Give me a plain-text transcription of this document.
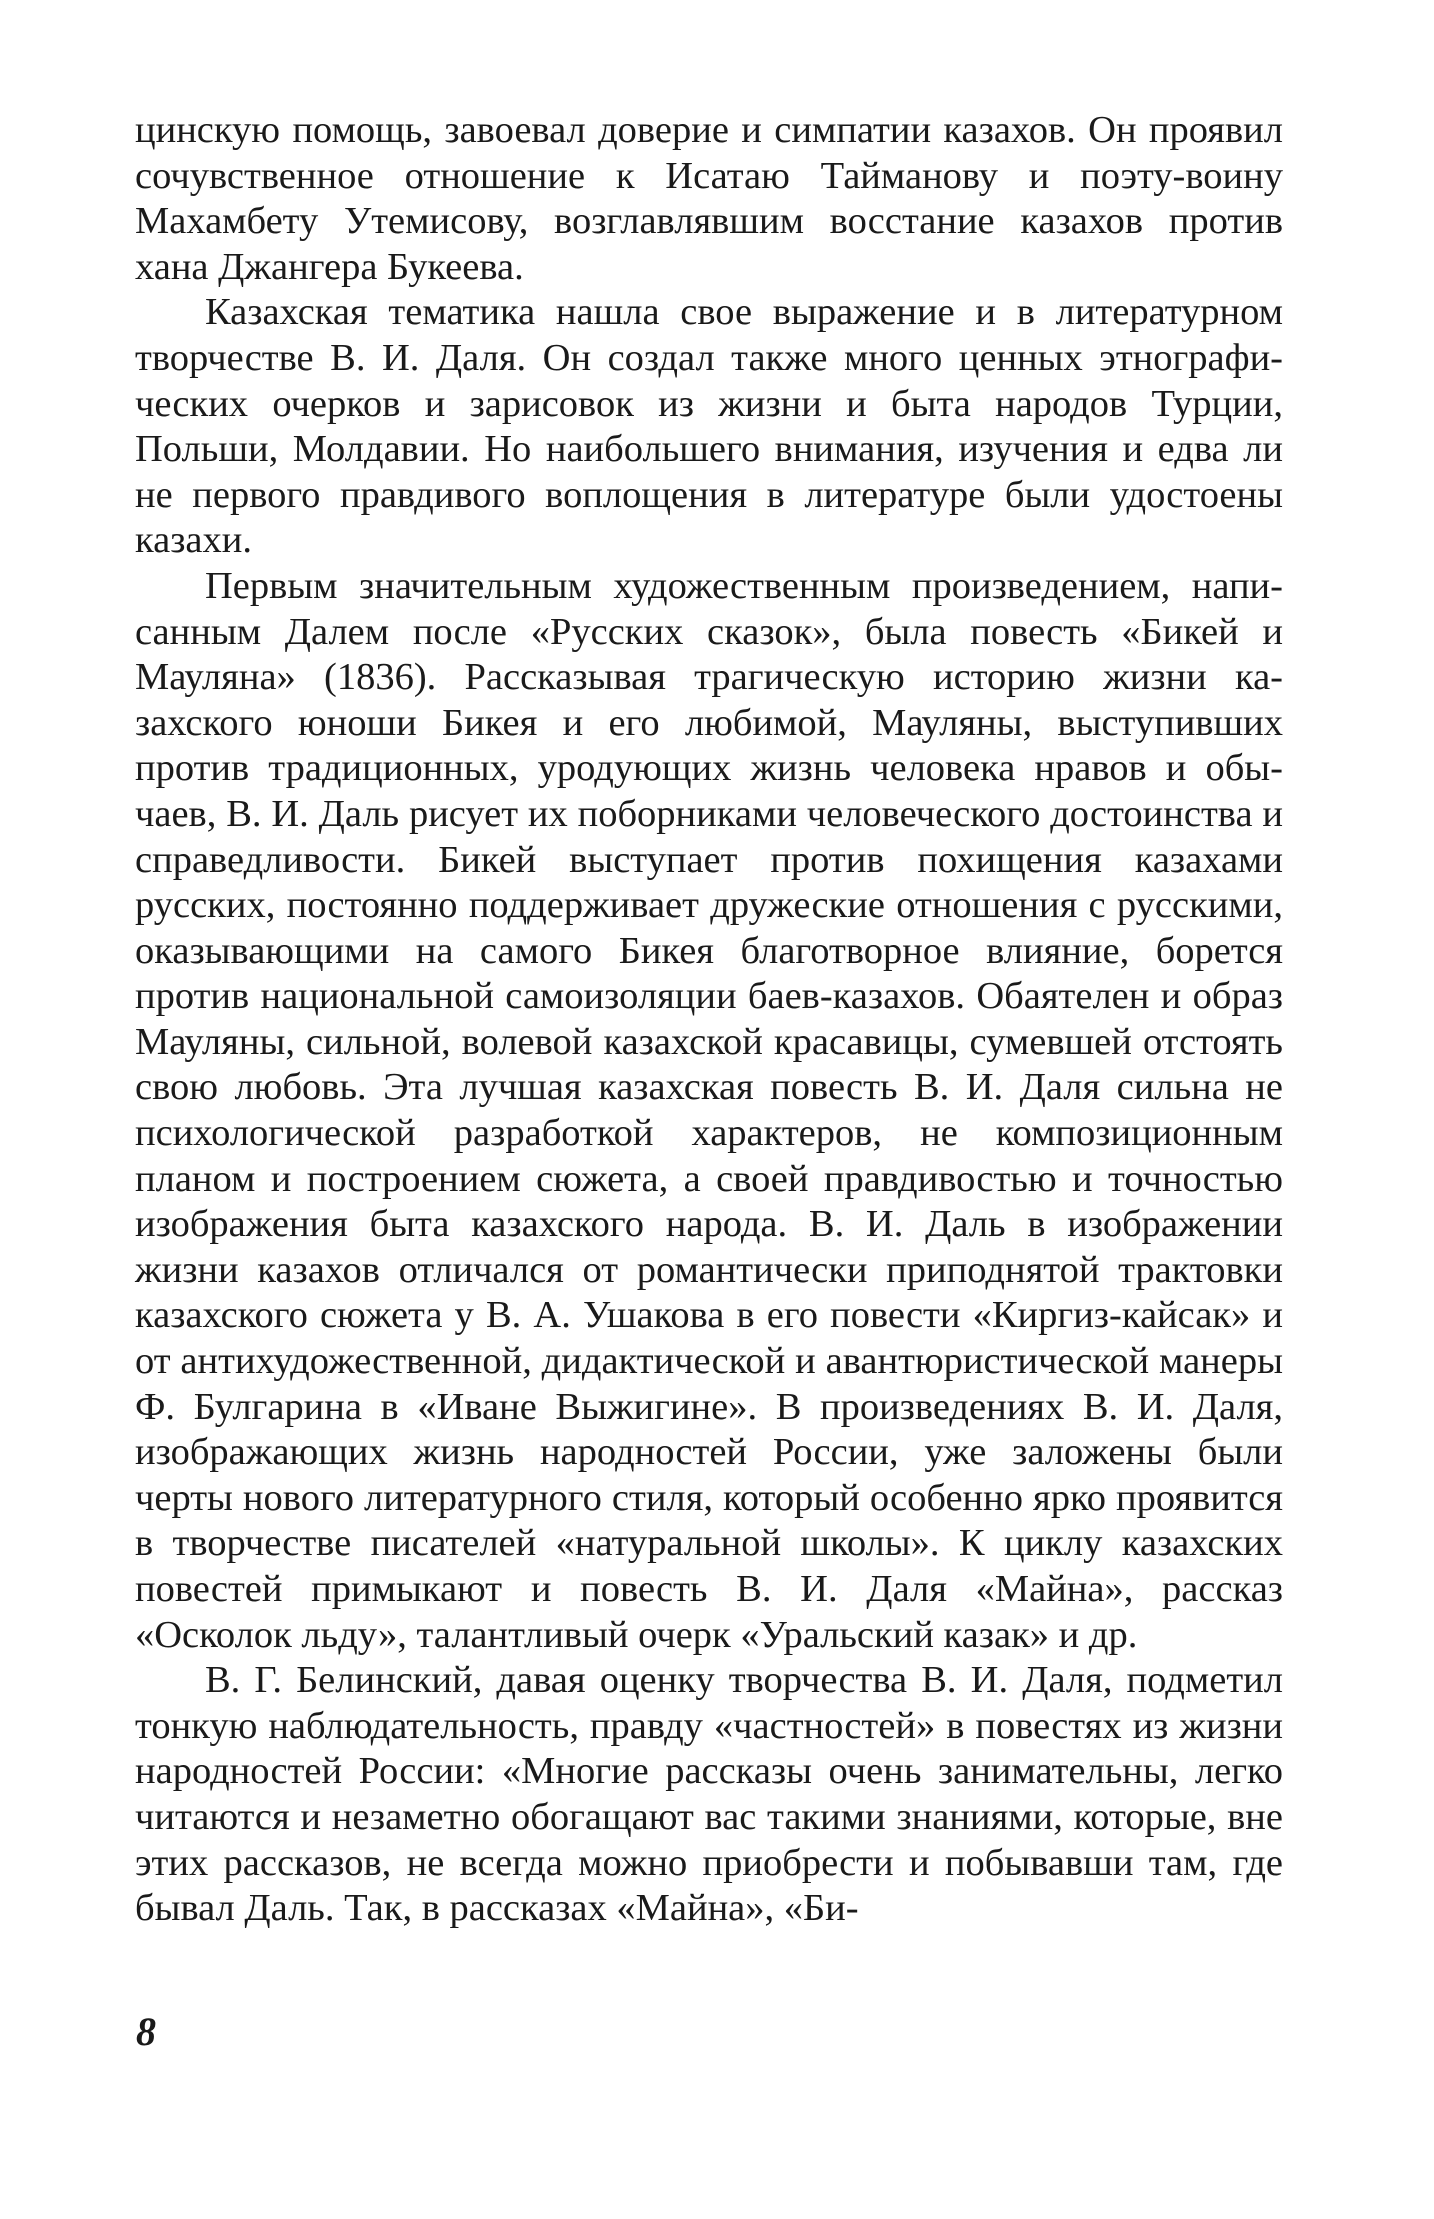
цинскую помощь, завоевал доверие и симпатии казахов. Он проявил сочувственное отношение к Исатаю Тайманову и поэту-воину Махамбету Утемисову, возглавлявшим восстание казахов против хана Джангера Букеева.

Казахская тематика нашла свое выражение и в литературном творчестве В. И. Даля. Он создал также много ценных этнографических очерков и зарисовок из жизни и быта народов Турции, Польши, Молдавии. Но наибольшего внимания, изучения и едва ли не первого правдивого воплощения в литературе были удостоены казахи.

Первым значительным художественным произведением, написанным Далем после «Русских сказок», была повесть «Бикей и Мауляна» (1836). Рассказывая трагическую историю жизни казахского юноши Бикея и его любимой, Мауляны, выступивших против традиционных, уродующих жизнь человека нравов и обычаев, В. И. Даль рисует их поборниками человеческого достоинства и справедливости. Бикей выступает против похищения казахами русских, постоянно поддерживает дружеские отношения с русскими, оказывающими на самого Бикея благотворное влияние, борется против национальной самоизоляции баев-казахов. Обаятелен и образ Мауляны, сильной, волевой казахской красавицы, сумевшей отстоять свою любовь. Эта лучшая казахская повесть В. И. Даля сильна не психологической разработкой характеров, не композиционным планом и построением сюжета, а своей правдивостью и точностью изображения быта казахского народа. В. И. Даль в изображении жизни казахов отличался от романтически приподнятой трактовки казахского сюжета у В. А. Ушакова в его повести «Киргиз-кайсак» и от антихудожественной, дидактической и авантюристической манеры Ф. Булгарина в «Иване Выжигине». В произведениях В. И. Даля, изображающих жизнь народностей России, уже заложены были черты нового литературного стиля, который особенно ярко проявится в творчестве писателей «натуральной школы». К циклу казахских повестей примыкают и повесть В. И. Даля «Майна», рассказ «Осколок льду», талантливый очерк «Уральский казак» и др.

В. Г. Белинский, давая оценку творчества В. И. Даля, подметил тонкую наблюдательность, правду «частностей» в повестях из жизни народностей России: «Многие рассказы очень занимательны, легко читаются и незаметно обогащают вас такими знаниями, которые, вне этих рассказов, не всегда можно приобрести и побывавши там, где бывал Даль. Так, в рассказах «Майна», «Би-

8
